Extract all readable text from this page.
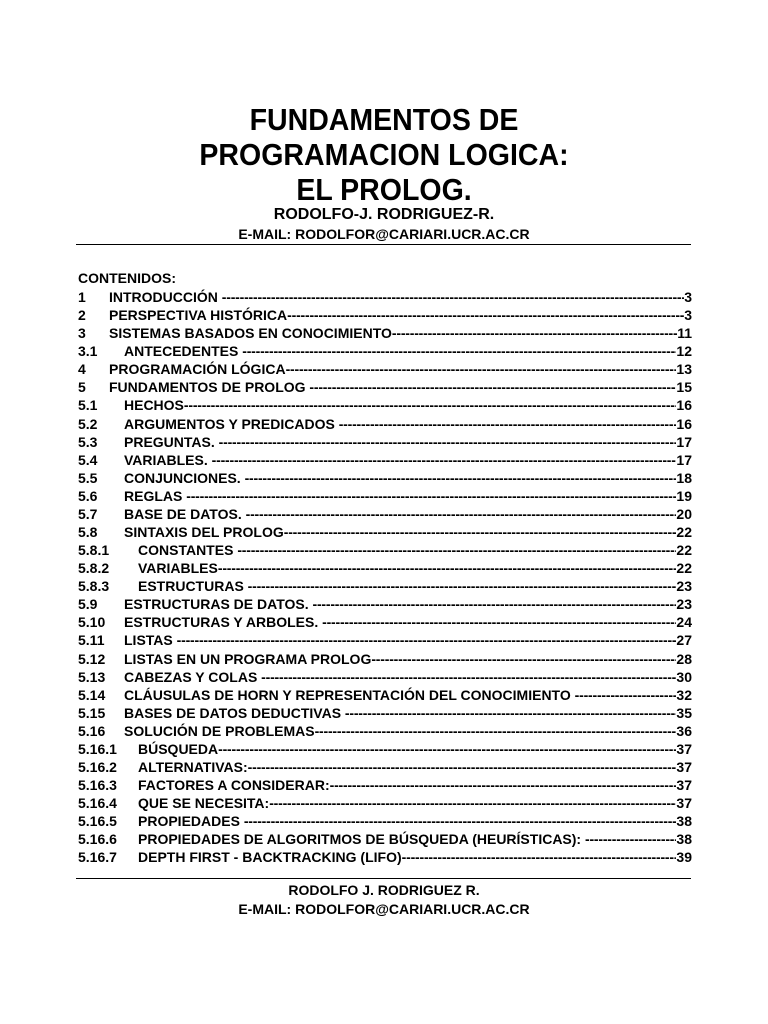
FUNDAMENTOS DE
PROGRAMACION LOGICA:
EL PROLOG.
RODOLFO-J. RODRIGUEZ-R.
E-MAIL: RODOLFOR@CARIARI.UCR.AC.CR
CONTENIDOS:
1	INTRODUCCIÓN -----	3
2	PERSPECTIVA HISTÓRICA -----	3
3	SISTEMAS BASADOS EN CONOCIMIENTO -----	11
3.1	ANTECEDENTES -----	12
4	PROGRAMACIÓN LÓGICA -----	13
5	FUNDAMENTOS DE PROLOG -----	15
5.1	HECHOS -----	16
5.2	ARGUMENTOS Y PREDICADOS -----	16
5.3	PREGUNTAS. -----	17
5.4	VARIABLES. -----	17
5.5	CONJUNCIONES. -----	18
5.6	REGLAS -----	19
5.7	BASE DE DATOS. -----	20
5.8	SINTAXIS DEL PROLOG -----	22
5.8.1	CONSTANTES -----	22
5.8.2	VARIABLES -----	22
5.8.3	ESTRUCTURAS -----	23
5.9	ESTRUCTURAS DE DATOS. -----	23
5.10	ESTRUCTURAS Y ARBOLES. -----	24
5.11	LISTAS -----	27
5.12	LISTAS EN UN PROGRAMA PROLOG -----	28
5.13	CABEZAS Y COLAS -----	30
5.14	CLÁUSULAS DE HORN Y REPRESENTACIÓN DEL CONOCIMIENTO -----	32
5.15	BASES DE DATOS DEDUCTIVAS -----	35
5.16	SOLUCIÓN DE PROBLEMAS -----	36
5.16.1	BÚSQUEDA -----	37
5.16.2	ALTERNATIVAS: -----	37
5.16.3	FACTORES A CONSIDERAR: -----	37
5.16.4	QUE SE NECESITA: -----	37
5.16.5	PROPIEDADES -----	38
5.16.6	PROPIEDADES DE ALGORITMOS DE BÚSQUEDA (HEURÍSTICAS): -----	38
5.16.7	DEPTH FIRST - BACKTRACKING (LIFO) -----	39
RODOLFO J. RODRIGUEZ R.
E-MAIL: RODOLFOR@CARIARI.UCR.AC.CR
